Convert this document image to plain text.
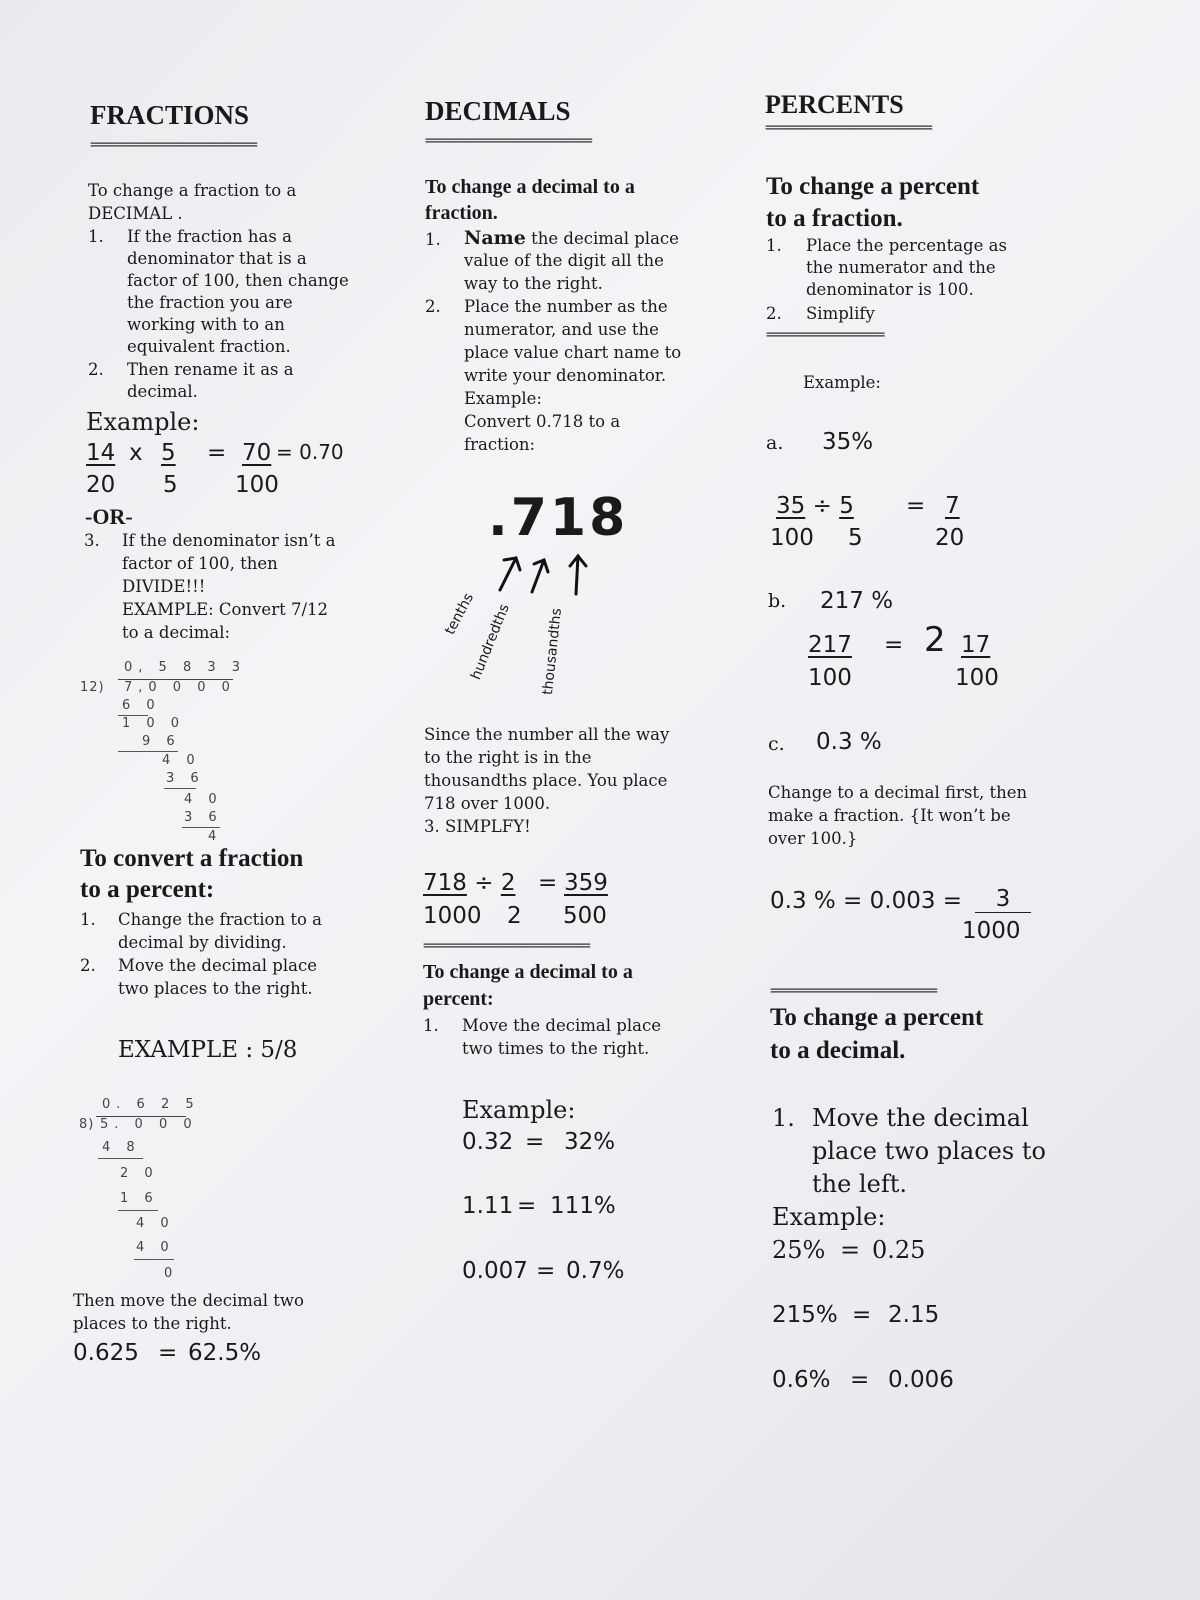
FRACTIONS
========================
To change a fraction to a
DECIMAL .
1. If the fraction has a
denominator that is a
factor of 100, then change
the fraction you are
working with to an
equivalent fraction.
2. Then rename it as a
decimal.
Example:
14 x 5 = 70 = 0.70
20 5 100
-OR-
3. If the denominator isn’t a
factor of 100, then
DIVIDE!!!
EXAMPLE: Convert 7/12
to a decimal:
0, 5 8 3 3
12) 7,0 0 0 0
6 0
1 0 0
9 6
4 0
3 6
4 0
3 6
4
To convert a fraction
to a percent:
1. Change the fraction to a
decimal by dividing.
2. Move the decimal place
two places to the right.
EXAMPLE : 5/8
0. 6 2 5
8) 5. 0 0 0
4 8
2 0
1 6
4 0
4 0
0
Then move the decimal two
places to the right.
0.625 = 62.5%
DECIMALS
========================
To change a decimal to a
fraction.
1. Name the decimal place
value of the digit all the
way to the right.
2. Place the number as the
numerator, and use the
place value chart name to
write your denominator.
Example:
Convert 0.718 to a
fraction:
.718
tenths
hundredths thousandths
Since the number all the way
to the right is in the
thousandths place. You place
718 over 1000.
3. SIMPLFY!
718 ÷ 2 = 359
1000 2 500
========================
To change a decimal to a
percent:
1. Move the decimal place
two times to the right.
Example:
0.32 = 32%
1.11 = 111%
0.007 = 0.7%
PERCENTS
========================
To change a percent
to a fraction.
1. Place the percentage as
the numerator and the
denominator is 100.
2. Simplify
=================
Example:
a. 35%
35 ÷ 5 = 7
100 5	20
b. 217 %
217 = 2 17
100	100
c. 0.3 %
Change to a decimal first, then
make a fraction. {It won’t be
over 100.}
0.3 % = 0.003 =	3
1000
========================
To change a percent
to a decimal.
1. Move the decimal
place two places to
the left.
Example:
25% = 0.25
215% = 2.15
0.6% = 0.006
